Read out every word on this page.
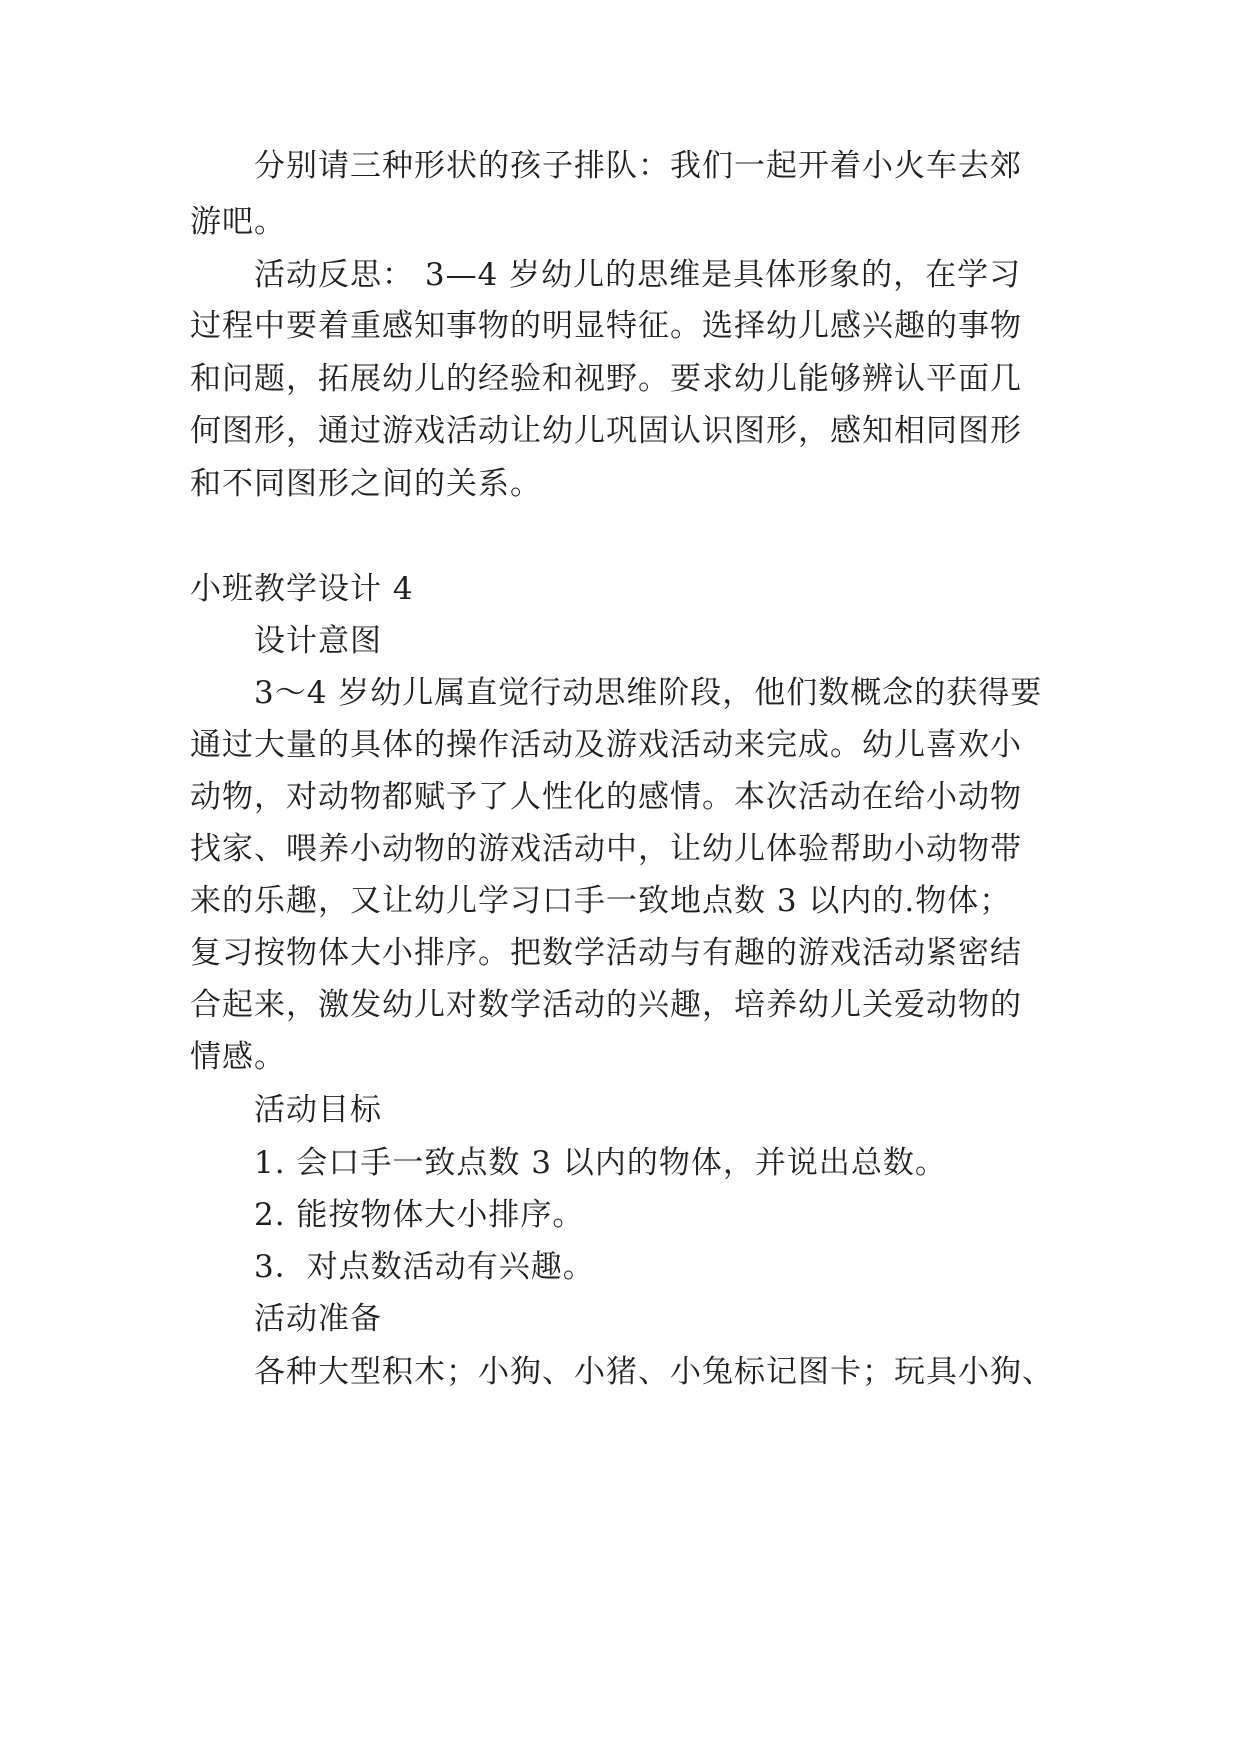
分别请三种形状的孩子排队：我们一起开着小火车去郊
游吧。
活动反思： 3—4 岁幼儿的思维是具体形象的，在学习
过程中要着重感知事物的明显特征。选择幼儿感兴趣的事物
和问题，拓展幼儿的经验和视野。要求幼儿能够辨认平面几
何图形，通过游戏活动让幼儿巩固认识图形，感知相同图形
和不同图形之间的关系。
小班教学设计 4
设计意图
3～4 岁幼儿属直觉行动思维阶段，他们数概念的获得要
通过大量的具体的操作活动及游戏活动来完成。幼儿喜欢小
动物，对动物都赋予了人性化的感情。本次活动在给小动物
找家、喂养小动物的游戏活动中，让幼儿体验帮助小动物带
来的乐趣，又让幼儿学习口手一致地点数 3 以内的.物体；
复习按物体大小排序。把数学活动与有趣的游戏活动紧密结
合起来，激发幼儿对数学活动的兴趣，培养幼儿关爱动物的
情感。
活动目标
1. 会口手一致点数 3 以内的物体，并说出总数。
2. 能按物体大小排序。
3．对点数活动有兴趣。
活动准备
各种大型积木；小狗、小猪、小兔标记图卡；玩具小狗、
